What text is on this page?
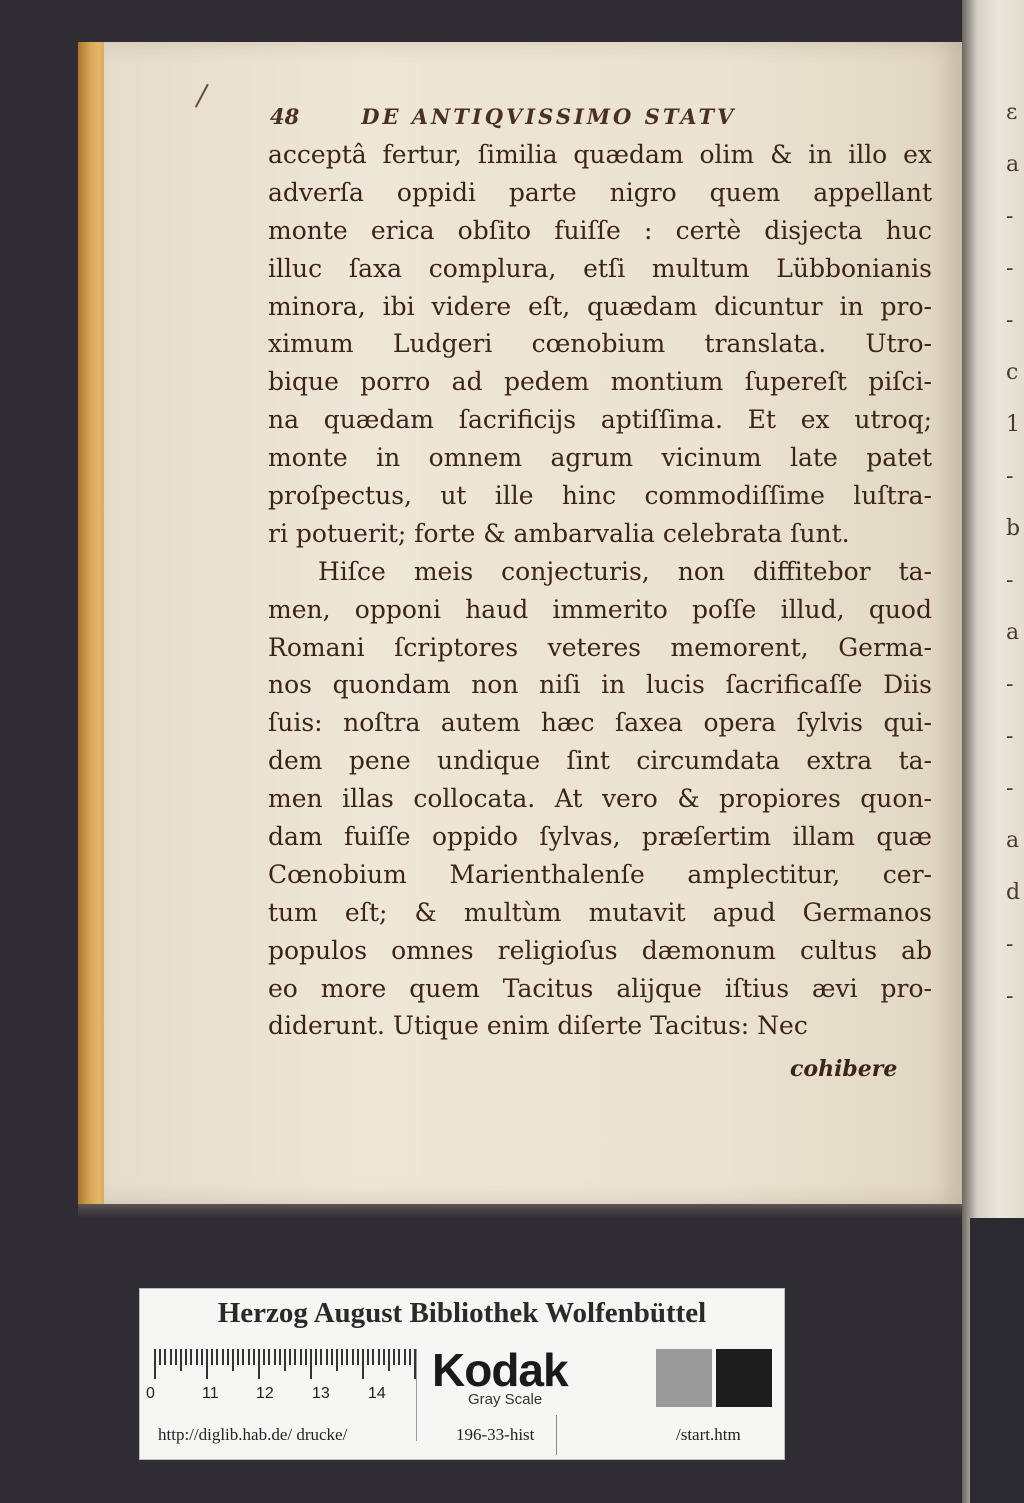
ε
a
-
-
-
c
1
-
b
-
a
-
-
-
a
d
-
-
48	DE ANTIQVISSIMO STATV
acceptâ fertur, ſimilia quædam olim & in illo ex
adverſa oppidi parte nigro quem appellant
monte erica obſito fuiſſe : certè disjecta huc
illuc ſaxa complura, etſi multum Lübbonianis
minora, ibi videre eſt, quædam dicuntur in pro-
ximum Ludgeri cœnobium translata. Utro-
bique porro ad pedem montium ſupereſt piſci-
na quædam ſacrificijs aptiſſima. Et ex utroq;
monte in omnem agrum vicinum late patet
proſpectus, ut ille hinc commodiſſime luſtra-
ri potuerit; forte & ambarvalia celebrata ſunt.
Hiſce meis conjecturis, non diffitebor ta-
men, opponi haud immerito poſſe illud, quod
Romani ſcriptores veteres memorent, Germa-
nos quondam non niſi in lucis ſacrificaſſe Diis
ſuis: noſtra autem hæc ſaxea opera ſylvis qui-
dem pene undique ſint circumdata extra ta-
men illas collocata. At vero & propiores quon-
dam fuiſſe oppido ſylvas, præſertim illam quæ
Cœnobium Marienthalenſe amplectitur, cer-
tum eſt; & multùm mutavit apud Germanos
populos omnes religioſus dæmonum cultus ab
eo more quem Tacitus alijque iſtius ævi pro-
diderunt. Utique enim diſerte Tacitus: Nec
cohibere
Herzog August Bibliothek Wolfenbüttel
0	11 12 13 14 Kodak
Gray Scale
http://diglib.hab.de/ drucke/	196-33-hist	/start.htm
